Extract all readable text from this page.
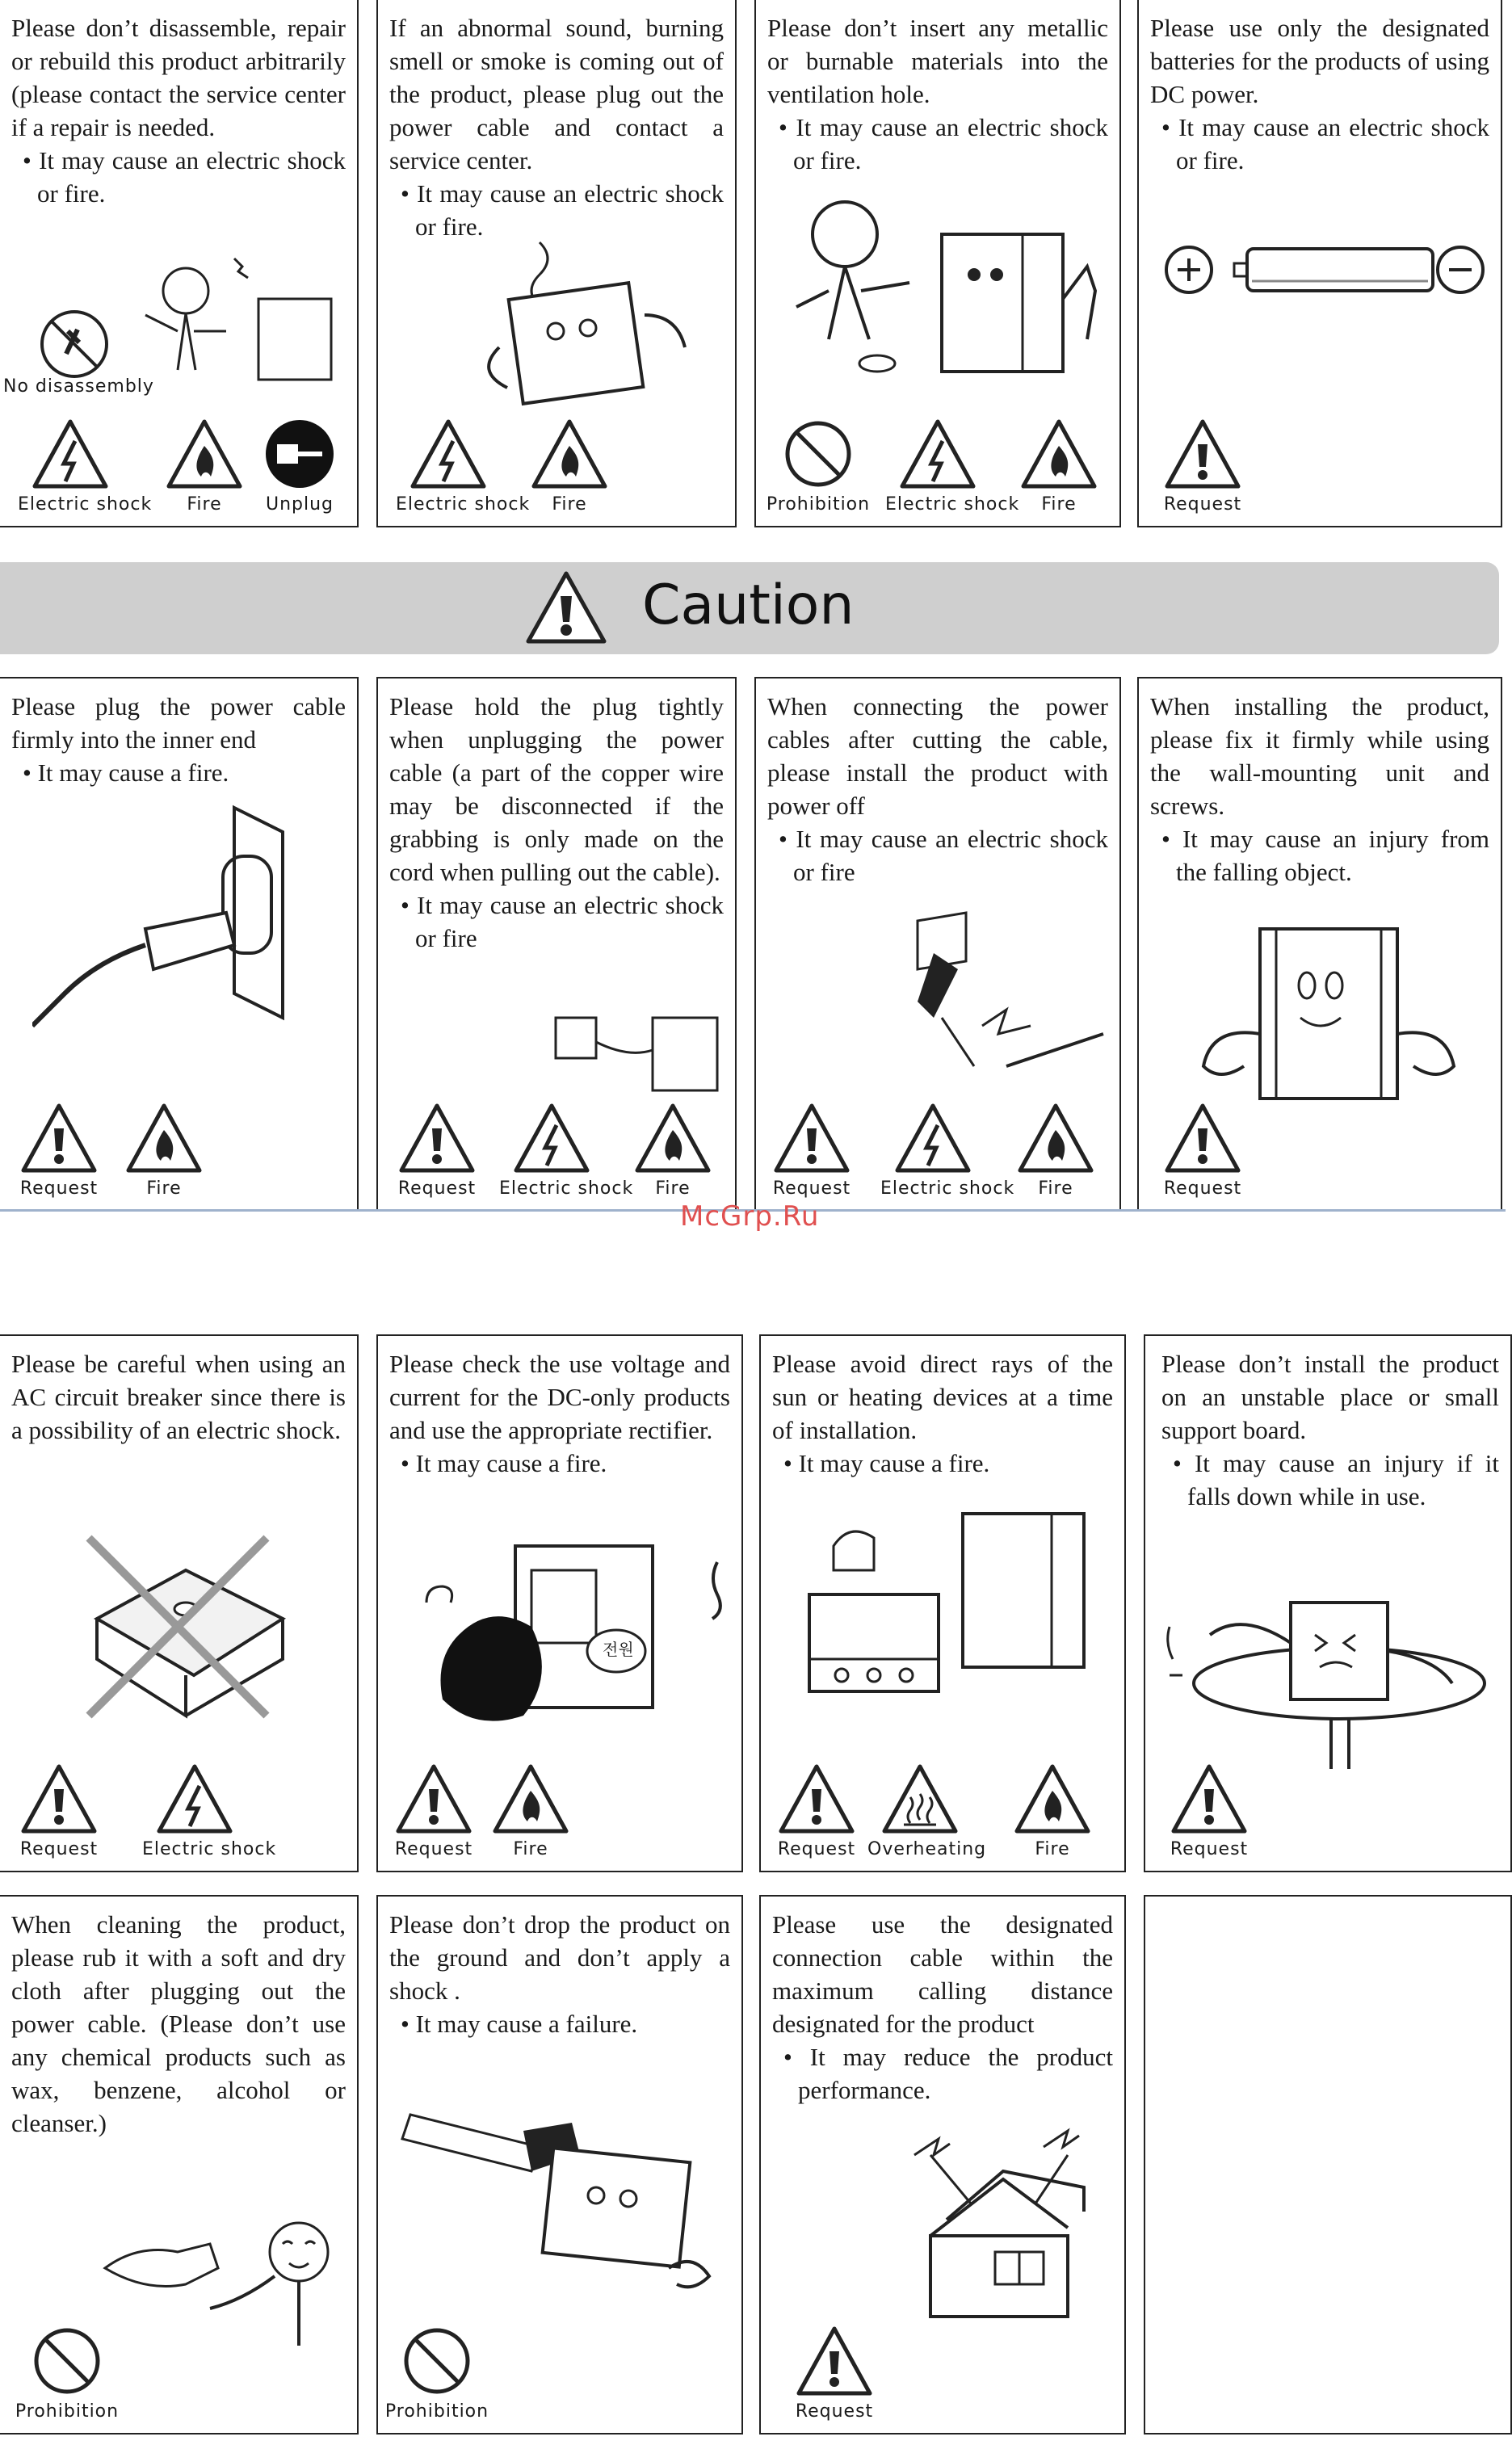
Please don’t disassemble, repair or rebuild this product arbitrarily (please contact the service center if a repair is needed.
• It may cause an electric shock or fire.
No disassembly
Electric shock	Fire	Unplug
If an abnormal sound, burning smell or smoke is coming out of the product, please plug out the power cable and contact a service center.
• It may cause an electric shock or fire.
Electric shock	Fire
Please don’t insert any metallic or burnable materials into the ventilation hole.
• It may cause an electric shock or fire.
Prohibition Electric shock	Fire
Please use only the designated batteries for the products of using DC power.
• It may cause an electric shock or fire.
Request
Caution
Please plug the power cable firmly into the inner end
• It may cause a fire.
Request	Fire
Please hold the plug tightly when unplugging the power cable (a part of the copper wire may be disconnected if the grabbing is only made on the cord when pulling out the cable).
• It may cause an electric shock or fire
Request	Electric shock	Fire
When connecting the power cables after cutting the cable, please install the product with power off
• It may cause an electric shock or fire
Request	Electric shock	Fire
When installing the product, please fix it firmly while using the wall-mounting unit and screws.
• It may cause an injury from the falling object.
Request
McGrp.Ru
Please be careful when using an AC circuit breaker since there is a possibility of an electric shock.
Request	Electric shock
Please check the use voltage and current for the DC-only products and use the appropriate rectifier.
• It may cause a fire.
전원
Request	Fire
Please avoid direct rays of the sun or heating devices at a time of installation.
• It may cause a fire.
Request Overheating	Fire
Please don’t install the product on an unstable place or small support board.
• It may cause an injury if it falls down while in use.
Request
When cleaning the product, please rub it with a soft and dry cloth after plugging out the power cable. (Please don’t use any chemical products such as wax, benzene, alcohol or cleanser.)
Prohibition
Please don’t drop the product on the ground and don’t apply a shock .
• It may cause a failure.
Prohibition
Please use the designated connection cable within the maximum calling distance designated for the product
• It may reduce the product performance.
Request
